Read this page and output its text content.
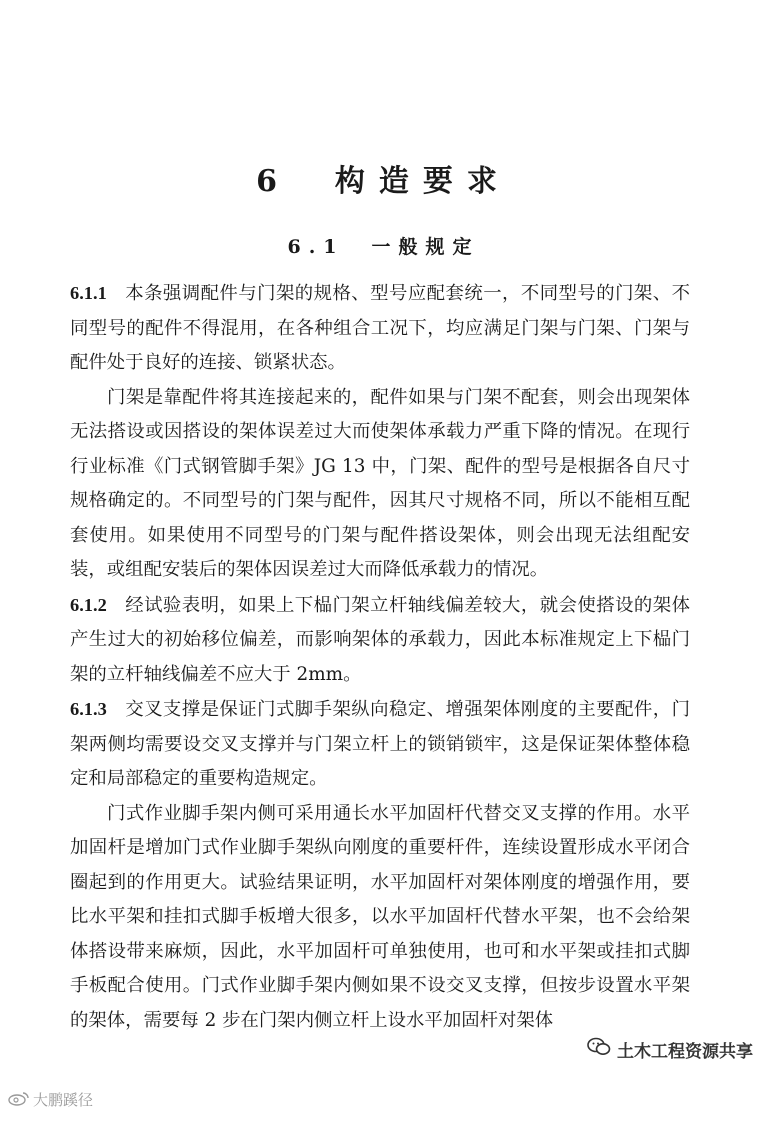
6　构造要求
6.1　一般规定

6.1.1 本条强调配件与门架的规格、型号应配套统一，不同型号的门架、不同型号的配件不得混用，在各种组合工况下，均应满足门架与门架、门架与配件处于良好的连接、锁紧状态。

门架是靠配件将其连接起来的，配件如果与门架不配套，则会出现架体无法搭设或因搭设的架体误差过大而使架体承载力严重下降的情况。在现行行业标准《门式钢管脚手架》JG 13 中，门架、配件的型号是根据各自尺寸规格确定的。不同型号的门架与配件，因其尺寸规格不同，所以不能相互配套使用。如果使用不同型号的门架与配件搭设架体，则会出现无法组配安装，或组配安装后的架体因误差过大而降低承载力的情况。

6.1.2 经试验表明，如果上下榀门架立杆轴线偏差较大，就会使搭设的架体产生过大的初始移位偏差，而影响架体的承载力，因此本标准规定上下榀门架的立杆轴线偏差不应大于 2mm。

6.1.3 交叉支撑是保证门式脚手架纵向稳定、增强架体刚度的主要配件，门架两侧均需要设交叉支撑并与门架立杆上的锁销锁牢，这是保证架体整体稳定和局部稳定的重要构造规定。

门式作业脚手架内侧可采用通长水平加固杆代替交叉支撑的作用。水平加固杆是增加门式作业脚手架纵向刚度的重要杆件，连续设置形成水平闭合圈起到的作用更大。试验结果证明，水平加固杆对架体刚度的增强作用，要比水平架和挂扣式脚手板增大很多，以水平加固杆代替水平架，也不会给架体搭设带来麻烦，因此，水平加固杆可单独使用，也可和水平架或挂扣式脚手板配合使用。门式作业脚手架内侧如果不设交叉支撑，但按步设置水平架的架体，需要每 2 步在门架内侧立杆上设水平加固杆对架体

土木工程资源共享
大鹏蹊径
